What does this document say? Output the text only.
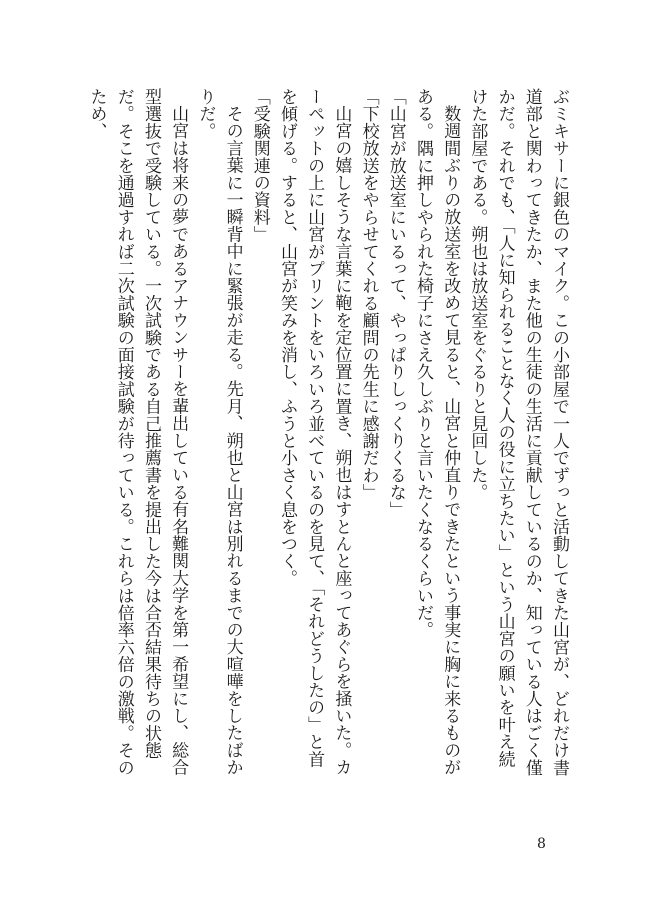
ぶミキサーに銀色のマイク。この小部屋で一人でずっと活動してきた山宮が、どれだけ書道部と関わってきたか、また他の生徒の生活に貢献しているのか、知っている人はごく僅かだ。それでも、「人に知られることなく人の役に立ちたい」という山宮の願いを叶え続けた部屋である。朔也は放送室をぐるりと見回した。

数週間ぶりの放送室を改めて見ると、山宮と仲直りできたという事実に胸に来るものがある。隅に押しやられた椅子にさえ久しぶりと言いたくなるくらいだ。

「山宮が放送室にいるって、やっぱりしっくりくるな」

「下校放送をやらせてくれる顧問の先生に感謝だわ」

山宮の嬉しそうな言葉に鞄を定位置に置き、朔也はすとんと座ってあぐらを掻いた。カーペットの上に山宮がプリントをいろいろ並べているのを見て、「それどうしたの」と首を傾げる。すると、山宮が笑みを消し、ふうと小さく息をつく。

「受験関連の資料」

その言葉に一瞬背中に緊張が走る。先月、朔也と山宮は別れるまでの大喧嘩をしたばかりだ。

山宮は将来の夢であるアナウンサーを輩出している有名難関大学を第一希望にし、総合型選抜で受験している。一次試験である自己推薦書を提出した今は合否結果待ちの状態だ。そこを通過すれば二次試験の面接試験が待っている。これらは倍率六倍の激戦。そのため、

8
